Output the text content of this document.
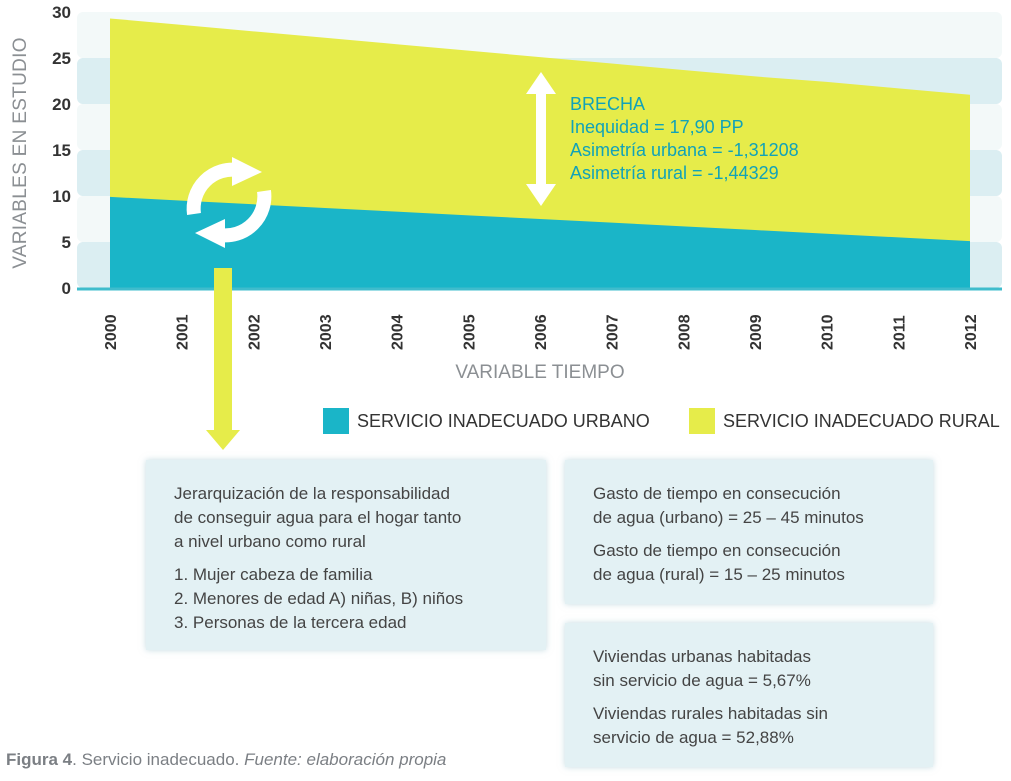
0
5
10
15
20
25
30
2000	2001	2002	2003	2004	2005	2006	2007	2008	2009	2010	2011	2012
VARIABLES EN ESTUDIO
VARIABLE TIEMPO
SERVICIO INADECUADO URBANO	SERVICIO INADECUADO RURAL
BRECHA
Inequidad = 17,90 PP
Asimetría urbana = -1,31208
Asimetría rural = -1,44329

Jerarquización de la responsabilidad

de conseguir agua para el hogar tanto

a nivel urbano como rural

1. Mujer cabeza de familia

2. Menores de edad A) niñas, B) niños

3. Personas de la tercera edad

Gasto de tiempo en consecución

de agua (urbano) = 25 – 45 minutos

Gasto de tiempo en consecución

de agua (rural) = 15 – 25 minutos

Viviendas urbanas habitadas

sin servicio de agua = 5,67%

Viviendas rurales habitadas sin

servicio de agua = 52,88%

Figura 4. Servicio inadecuado. Fuente: elaboración propia
